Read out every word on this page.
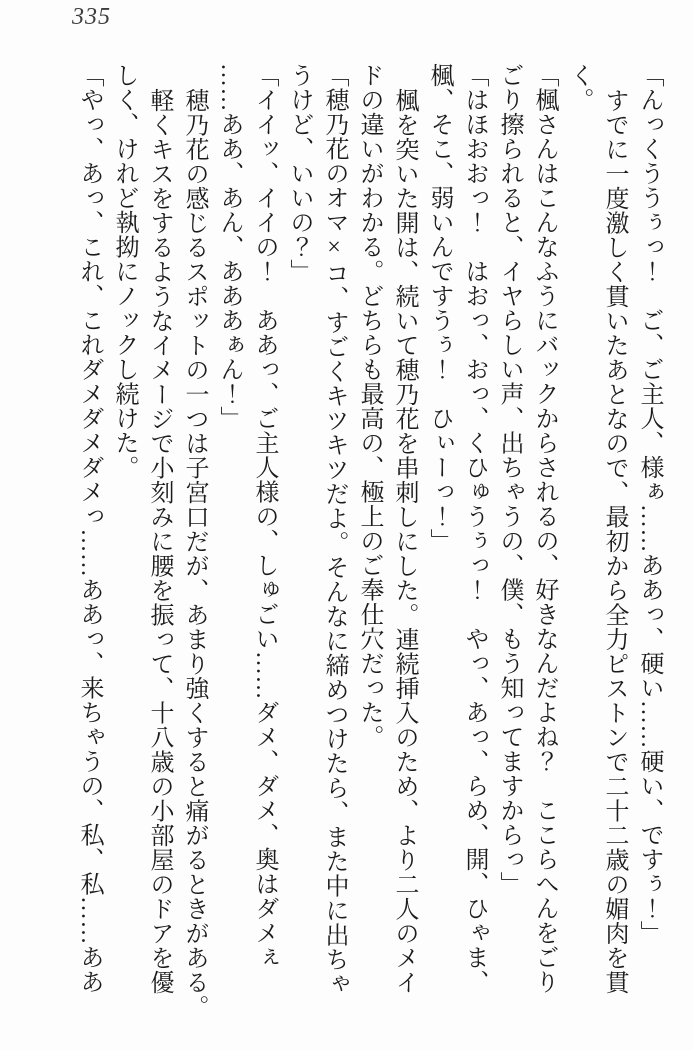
335
「んっくううぅっ！　ご、ご主人、様ぁ……ああっ、硬い……硬い、ですぅ！」
すでに一度激しく貫いたあとなので、最初から全力ピストンで二十二歳の媚肉を貫
く。
「楓さんはこんなふうにバックからされるの、好きなんだよね？　ここらへんをごり
ごり擦られると、イヤらしい声、出ちゃうの、僕、もう知ってますからっ」
「はほおおっ！　はおっ、おっ、くひゅうぅっ！　やっ、あっ、らめ、開、ひゃま、
楓、そこ、弱いんですうぅ！　ひぃーっ！」
楓を突いた開は、続いて穂乃花を串刺しにした。連続挿入のため、より二人のメイ
ドの違いがわかる。どちらも最高の、極上のご奉仕穴だった。
「穂乃花のオマ×コ、すごくキツキツだよ。そんなに締めつけたら、また中に出ちゃ
うけど、いいの？」
「イイッ、イイの！　ああっ、ご主人様の、しゅごい……ダメ、ダメ、奥はダメぇ
……ああ、あん、あああぁん！」
穂乃花の感じるスポットの一つは子宮口だが、あまり強くすると痛がるときがある。
軽くキスをするようなイメージで小刻みに腰を振って、十八歳の小部屋のドアを優
しく、けれど執拗にノックし続けた。
「やっ、あっ、これ、これダメダメダメっ……ああっ、来ちゃうの、私、私……ああ
